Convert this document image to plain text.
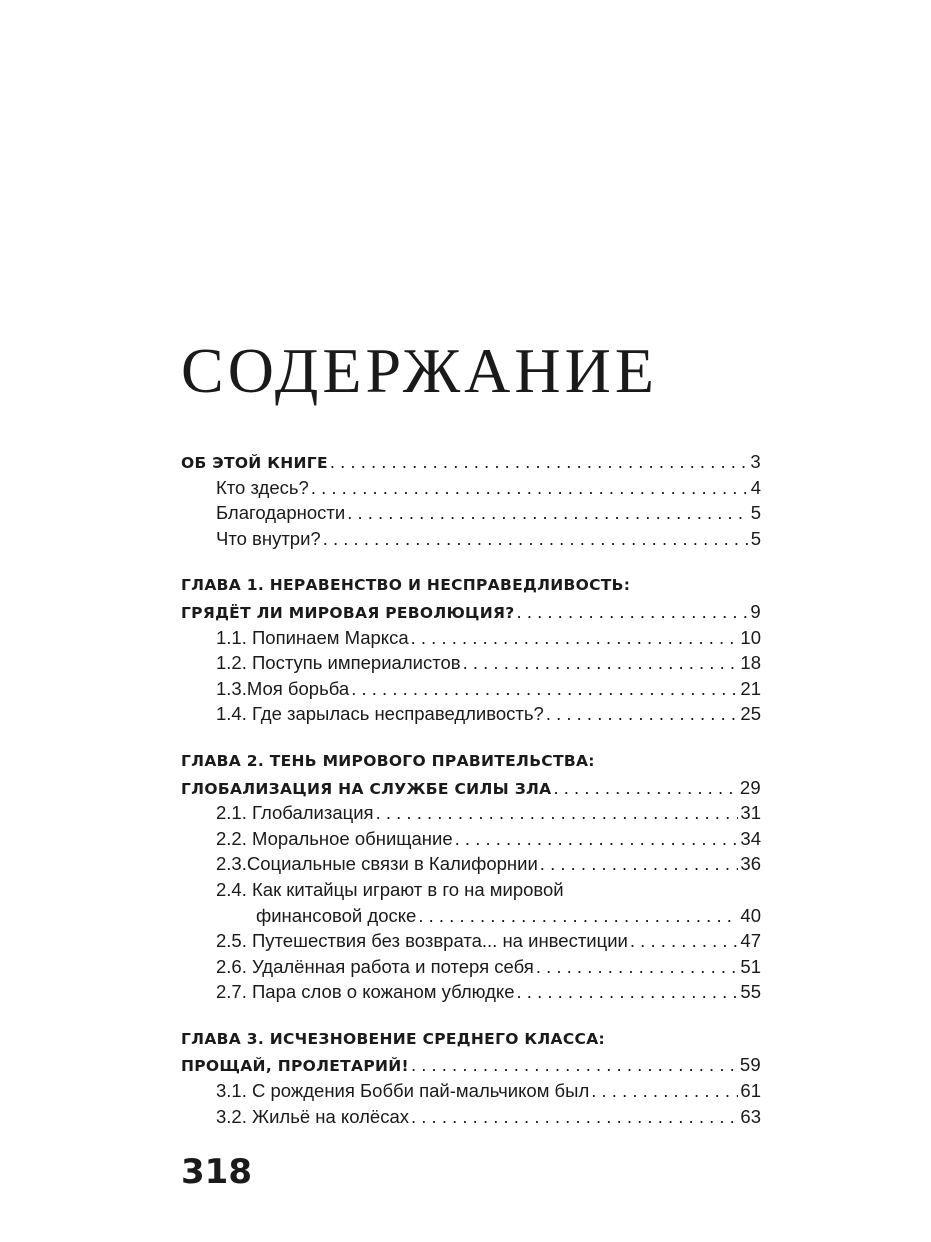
СОДЕРЖАНИЕ
ОБ ЭТОЙ КНИГЕ . . .	3
Кто здесь? . . .	4
Благодарности . . .	5
Что внутри? . . .	5
ГЛАВА 1. НЕРАВЕНСТВО И НЕСПРАВЕДЛИВОСТЬ:
ГРЯДЁТ ЛИ МИРОВАЯ РЕВОЛЮЦИЯ? . . .	9
1.1. Попинаем Маркса . . .	10
1.2. Поступь империалистов . . .	18
1.3.Моя борьба . . .	21
1.4. Где зарылась несправедливость? . . .	25
ГЛАВА 2. ТЕНЬ МИРОВОГО ПРАВИТЕЛЬСТВА:
ГЛОБАЛИЗАЦИЯ НА СЛУЖБЕ СИЛЫ ЗЛА . . .	29
2.1. Глобализация . . .	31
2.2. Моральное обнищание . . .	34
2.3.Социальные связи в Калифорнии . . .	36
2.4. Как китайцы играют в го на мировой
финансовой доске . . .	40
2.5. Путешествия без возврата... на инвестиции . . .	47
2.6. Удалённая работа и потеря себя . . .	51
2.7. Пара слов о кожаном ублюдке . . .	55
ГЛАВА 3. ИСЧЕЗНОВЕНИЕ СРЕДНЕГО КЛАССА:
ПРОЩАЙ, ПРОЛЕТАРИЙ! . . .	59
3.1. С рождения Бобби пай-мальчиком был . . .	61
3.2. Жильё на колёсах . . .	63
318
